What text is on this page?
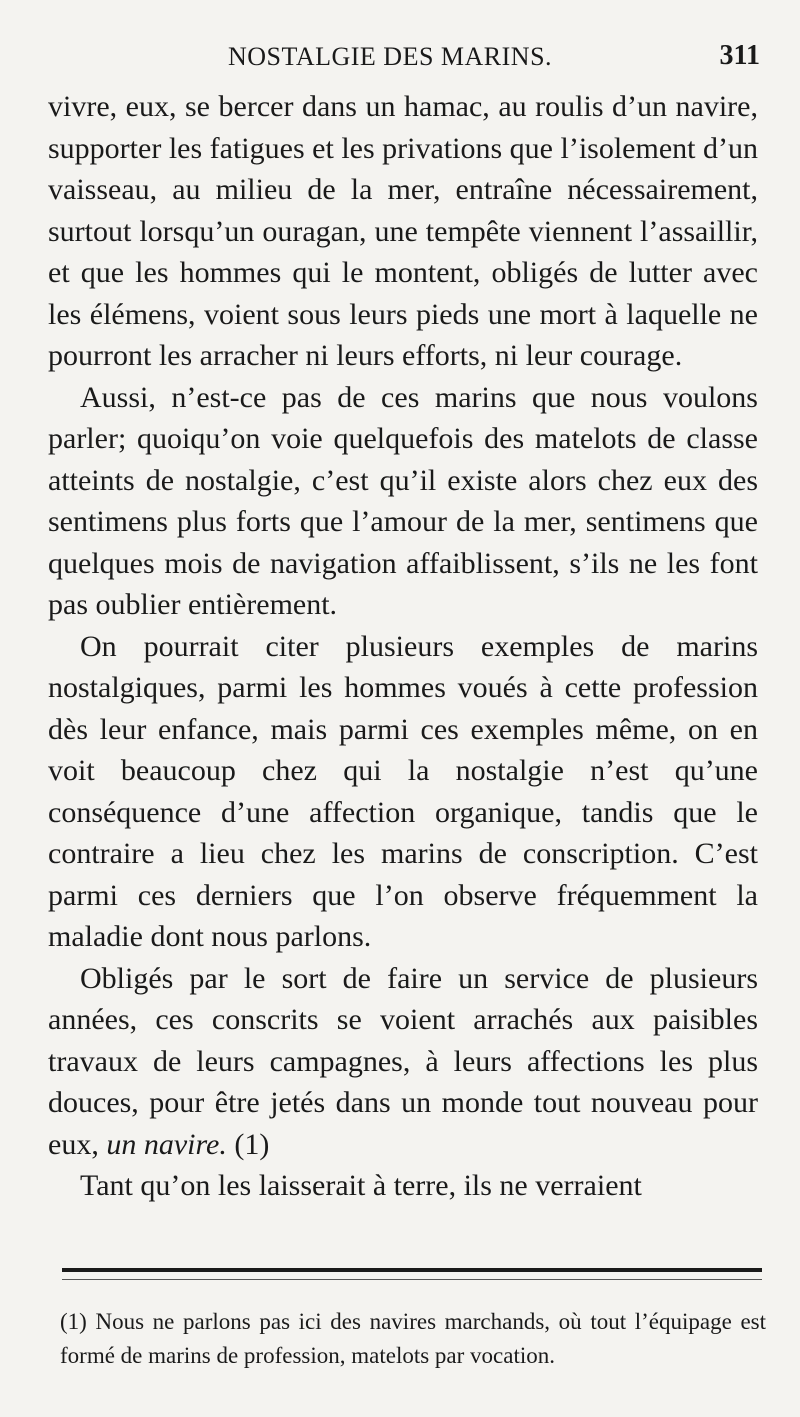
NOSTALGIE DES MARINS.	311

vivre, eux, se bercer dans un hamac, au roulis d’un navire, supporter les fatigues et les privations que l’isolement d’un vaisseau, au milieu de la mer, entraîne nécessairement, surtout lorsqu’un ouragan, une tempête viennent l’assaillir, et que les hommes qui le montent, obligés de lutter avec les élémens, voient sous leurs pieds une mort à laquelle ne pourront les arracher ni leurs efforts, ni leur courage.

Aussi, n’est-ce pas de ces marins que nous voulons parler; quoiqu’on voie quelquefois des matelots de classe atteints de nostalgie, c’est qu’il existe alors chez eux des sentimens plus forts que l’amour de la mer, sentimens que quelques mois de navigation affaiblissent, s’ils ne les font pas oublier entièrement.

On pourrait citer plusieurs exemples de marins nostalgiques, parmi les hommes voués à cette profession dès leur enfance, mais parmi ces exemples même, on en voit beaucoup chez qui la nostalgie n’est qu’une conséquence d’une affection organique, tandis que le contraire a lieu chez les marins de conscription. C’est parmi ces derniers que l’on observe fréquemment la maladie dont nous parlons.

Obligés par le sort de faire un service de plusieurs années, ces conscrits se voient arrachés aux paisibles travaux de leurs campagnes, à leurs affections les plus douces, pour être jetés dans un monde tout nouveau pour eux, un navire. (1)

Tant qu’on les laisserait à terre, ils ne verraient

(1) Nous ne parlons pas ici des navires marchands, où tout l’équipage est formé de marins de profession, matelots par vocation.
